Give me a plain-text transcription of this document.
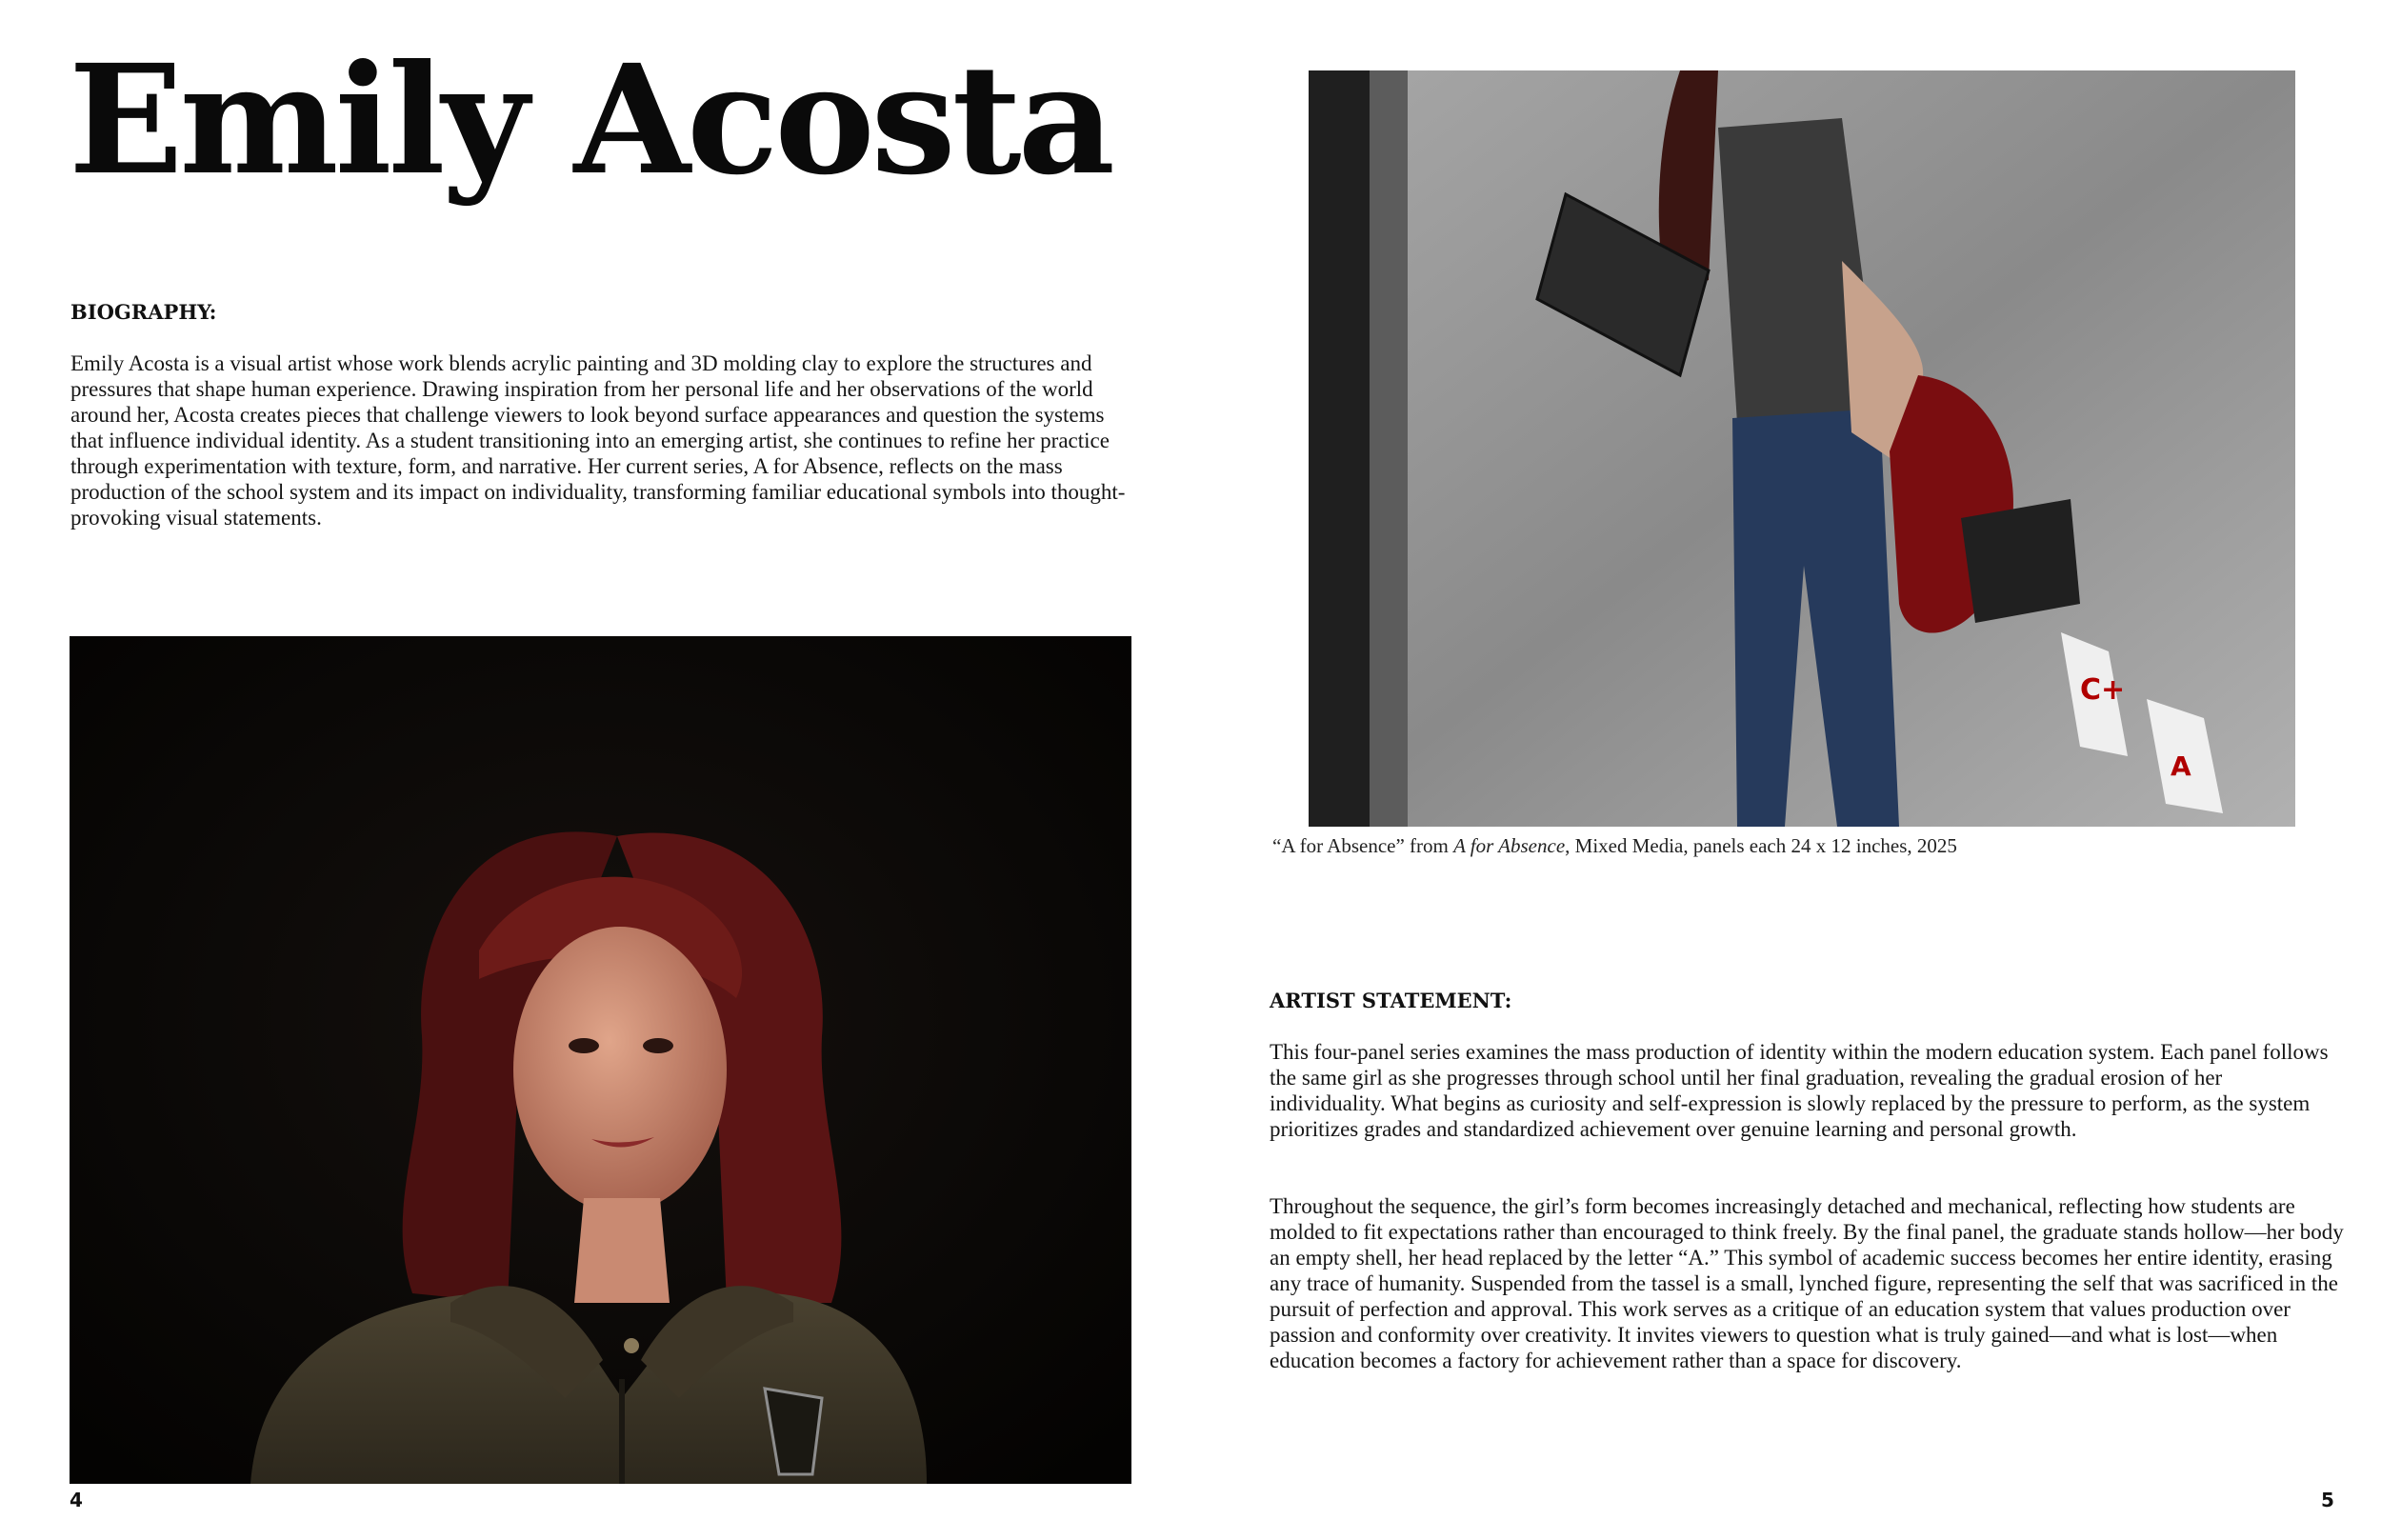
Emily Acosta
BIOGRAPHY:

Emily Acosta is a visual artist whose work blends acrylic painting and 3D molding clay to explore the structures and pressures that shape human experience. Drawing inspiration from her personal life and her observations of the world around her, Acosta creates pieces that challenge viewers to look beyond surface appearances and question the systems that influence individual identity. As a student transitioning into an emerging artist, she continues to refine her practice through experimentation with texture, form, and narrative. Her current series, A for Absence, reflects on the mass production of the school system and its impact on individuality, transforming familiar educational symbols into thought-provoking visual statements.

C+
A

“A for Absence” from A for Absence, Mixed Media, panels each 24 x 12 inches, 2025

ARTIST STATEMENT:

This four-panel series examines the mass production of identity within the modern education system. Each panel follows the same girl as she progresses through school until her final graduation, revealing the gradual erosion of her individuality. What begins as curiosity and self-expression is slowly replaced by the pressure to perform, as the system prioritizes grades and standardized achievement over genuine learning and personal growth.

Throughout the sequence, the girl’s form becomes increasingly detached and mechanical, reflecting how students are molded to fit expectations rather than encouraged to think freely. By the final panel, the graduate stands hollow—her body an empty shell, her head replaced by the letter “A.” This symbol of academic success becomes her entire identity, erasing any trace of humanity. Suspended from the tassel is a small, lynched figure, representing the self that was sacrificed in the pursuit of perfection and approval. This work serves as a critique of an education system that values production over passion and conformity over creativity. It invites viewers to question what is truly gained—and what is lost—when education becomes a factory for achievement rather than a space for discovery.

4	5
